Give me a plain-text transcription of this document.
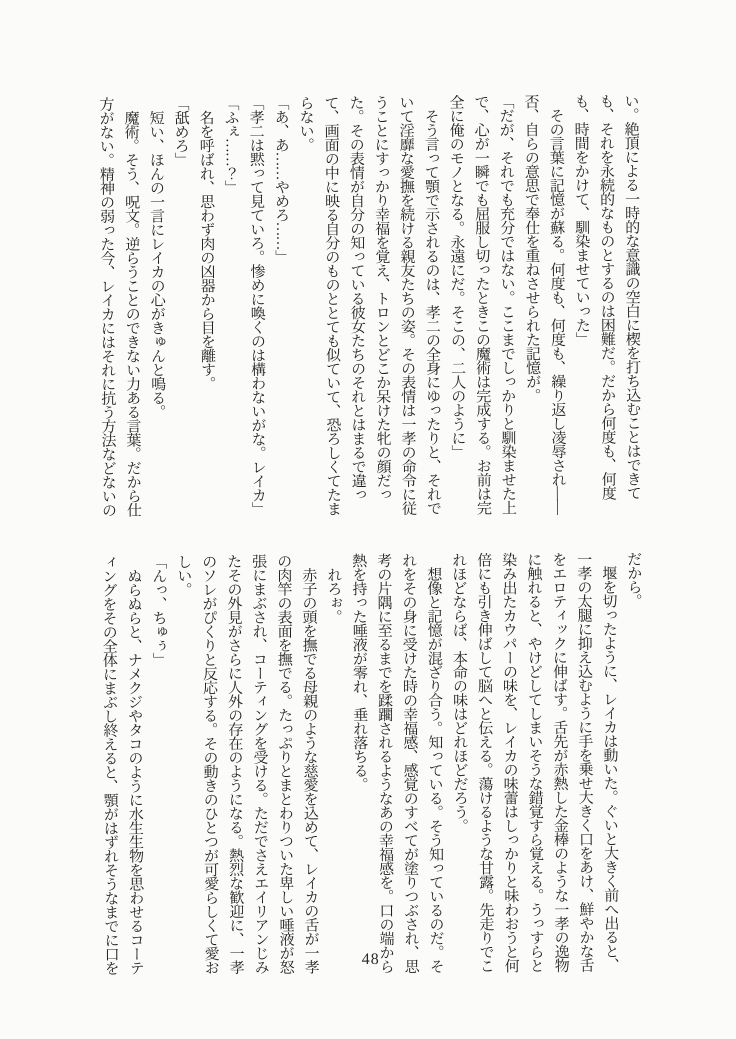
い。絶頂による一時的な意識の空白に楔を打ち込むことはできて

も、それを永続的なものとするのは困難だ。だから何度も、何度

も、時間をかけて、馴染ませていった」

　その言葉に記憶が蘇る。何度も、何度も、繰り返し凌辱され――

否、自らの意思で奉仕を重ねさせられた記憶が。

「だが、それでも充分ではない。ここまでしっかりと馴染ませた上

で、心が一瞬でも屈服し切ったときこの魔術は完成する。お前は完

全に俺のモノとなる。永遠にだ。そこの、二人のように」

　そう言って顎で示されるのは、孝二の全身にゆったりと、それで

いて淫靡な愛撫を続ける親友たちの姿。その表情は一孝の命令に従

うことにすっかり幸福を覚え、トロンとどこか呆けた牝の顔だっ

た。その表情が自分の知っている彼女たちのそれとはまるで違っ

て、画面の中に映る自分のものととても似ていて、恐ろしくてたま

らない。

「あ、あ……やめろ……」

「孝二は黙って見ていろ。惨めに喚くのは構わないがな。レイカ」

「ふぇ……？」

　名を呼ばれ、思わず肉の凶器から目を離す。

「舐めろ」

　短い、ほんの一言にレイカの心がきゅんと鳴る。

　魔術。そう、呪文。逆らうことのできない力ある言葉。だから仕

方がない。精神の弱った今、レイカにはそれに抗う方法などないの

だから。

　堰を切ったように、レイカは動いた。ぐいと大きく前へ出ると、

一孝の太腿に抑え込むように手を乗せ大きく口をあけ、鮮やかな舌

をエロティックに伸ばす。舌先が赤熱した金棒のような一孝の逸物

に触れると、やけどしてしまいそうな錯覚すら覚える。うっすらと

染み出たカウパーの味を、レイカの味蕾はしっかりと味わおうと何

倍にも引き伸ばして脳へと伝える。蕩けるような甘露。先走りでこ

れほどならば、本命の味はどれほどだろう。

　想像と記憶が混ざり合う。知っている。そう知っているのだ。そ

れをその身に受けた時の幸福感、感覚のすべてが塗りつぶされ、思

考の片隅に至るまでを蹂躙されるようなあの幸福感を。口の端から

熱を持った唾液が零れ、垂れ落ちる。

　れろぉ。

　赤子の頭を撫でる母親のような慈愛を込めて、レイカの舌が一孝

の肉竿の表面を撫でる。たっぷりとまとわりついた卑しい唾液が怒

張にまぶされ、コーティングを受ける。ただでさえエイリアンじみ

たその外見がさらに人外の存在のようになる。熱烈な歓迎に、一孝

のソレがぴくりと反応する。その動きのひとつが可愛らしくて愛お

しい。

「んっ、ちゅぅ」

　ぬらぬらと、ナメクジやタコのように水生生物を思わせるコーテ

ィングをその全体にまぶし終えると、顎がはずれそうなまでに口を	48
